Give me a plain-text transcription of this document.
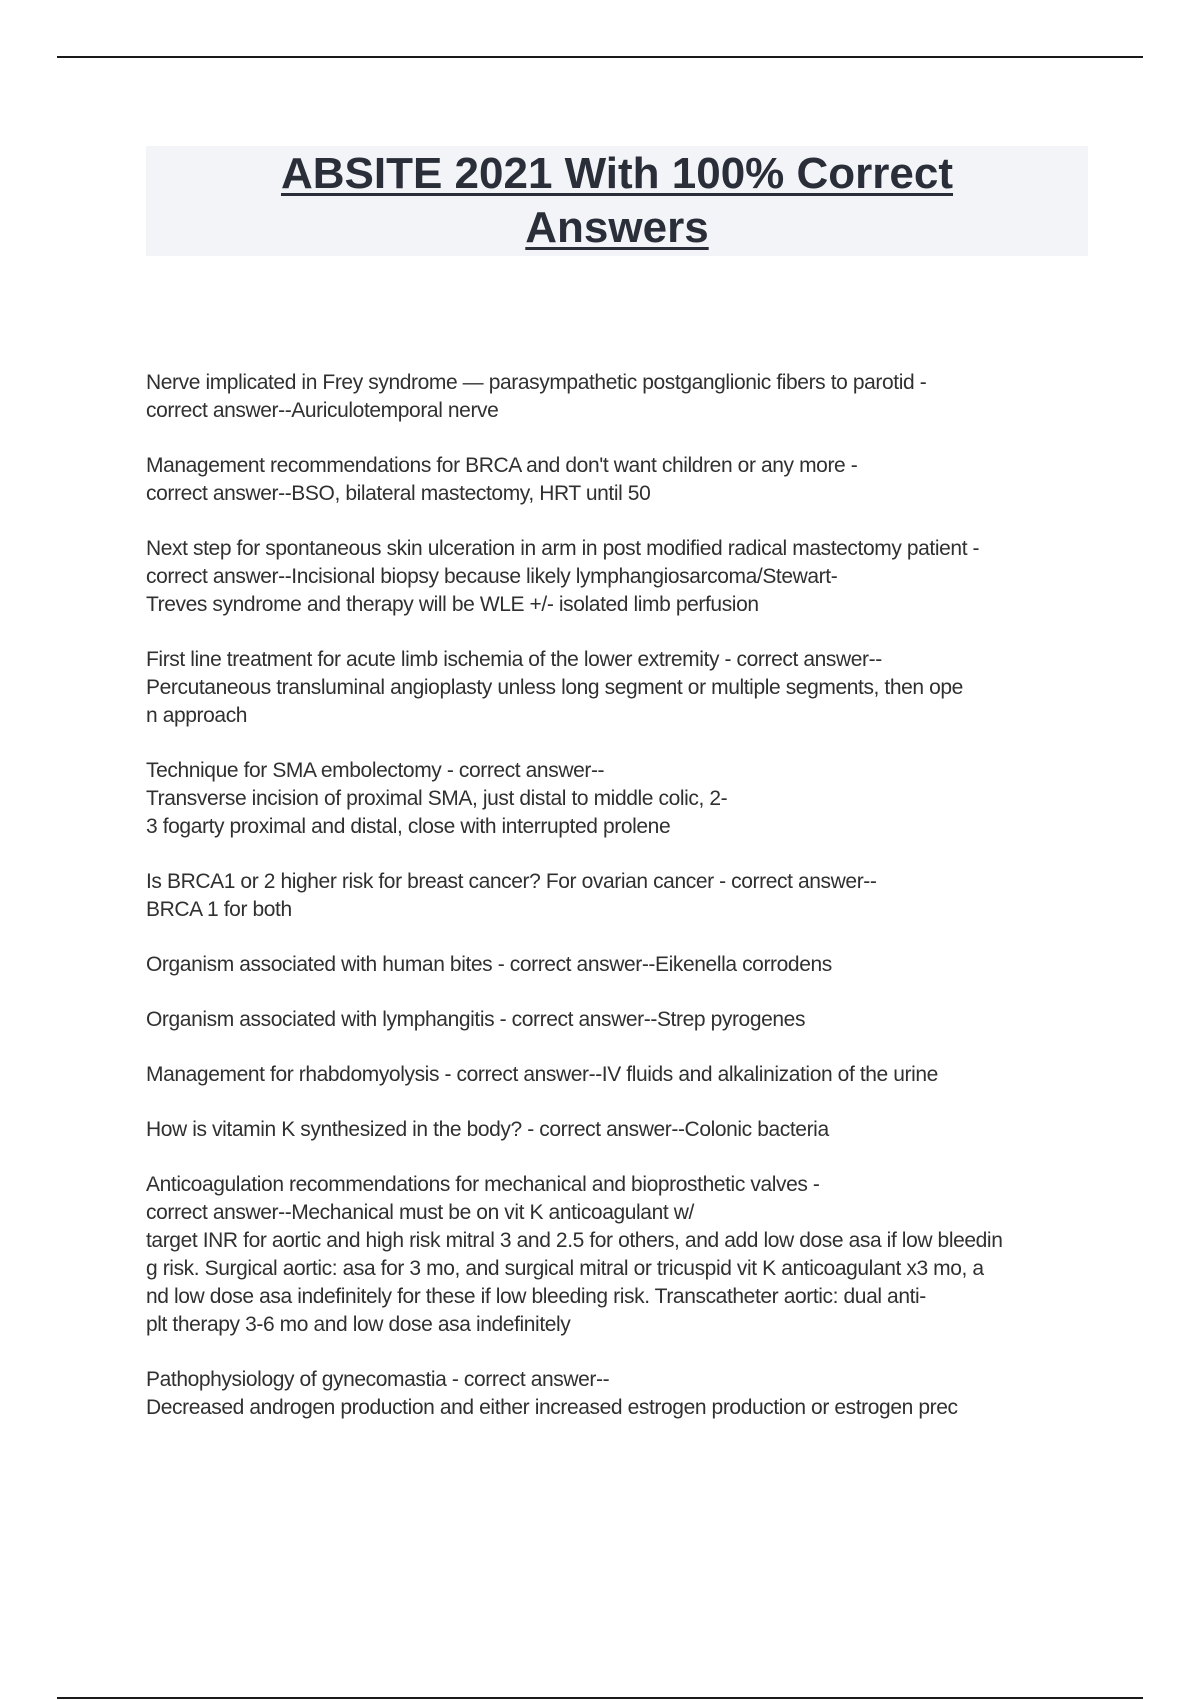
ABSITE 2021 With 100% Correct Answers

Nerve implicated in Frey syndrome — parasympathetic postganglionic fibers to parotid -
correct answer--Auriculotemporal nerve

Management recommendations for BRCA and don't want children or any more -
correct answer--BSO, bilateral mastectomy, HRT until 50

Next step for spontaneous skin ulceration in arm in post modified radical mastectomy patient -
correct answer--Incisional biopsy because likely lymphangiosarcoma/Stewart-
Treves syndrome and therapy will be WLE +/- isolated limb perfusion

First line treatment for acute limb ischemia of the lower extremity - correct answer--
Percutaneous transluminal angioplasty unless long segment or multiple segments, then ope
n approach

Technique for SMA embolectomy - correct answer--
Transverse incision of proximal SMA, just distal to middle colic, 2-
3 fogarty proximal and distal, close with interrupted prolene

Is BRCA1 or 2 higher risk for breast cancer? For ovarian cancer - correct answer--
BRCA 1 for both

Organism associated with human bites - correct answer--Eikenella corrodens

Organism associated with lymphangitis - correct answer--Strep pyrogenes

Management for rhabdomyolysis - correct answer--IV fluids and alkalinization of the urine

How is vitamin K synthesized in the body? - correct answer--Colonic bacteria

Anticoagulation recommendations for mechanical and bioprosthetic valves -
correct answer--Mechanical must be on vit K anticoagulant w/
target INR for aortic and high risk mitral 3 and 2.5 for others, and add low dose asa if low bleedin
g risk. Surgical aortic: asa for 3 mo, and surgical mitral or tricuspid vit K anticoagulant x3 mo, a
nd low dose asa indefinitely for these if low bleeding risk. Transcatheter aortic: dual anti-
plt therapy 3-6 mo and low dose asa indefinitely

Pathophysiology of gynecomastia - correct answer--
Decreased androgen production and either increased estrogen production or estrogen prec
